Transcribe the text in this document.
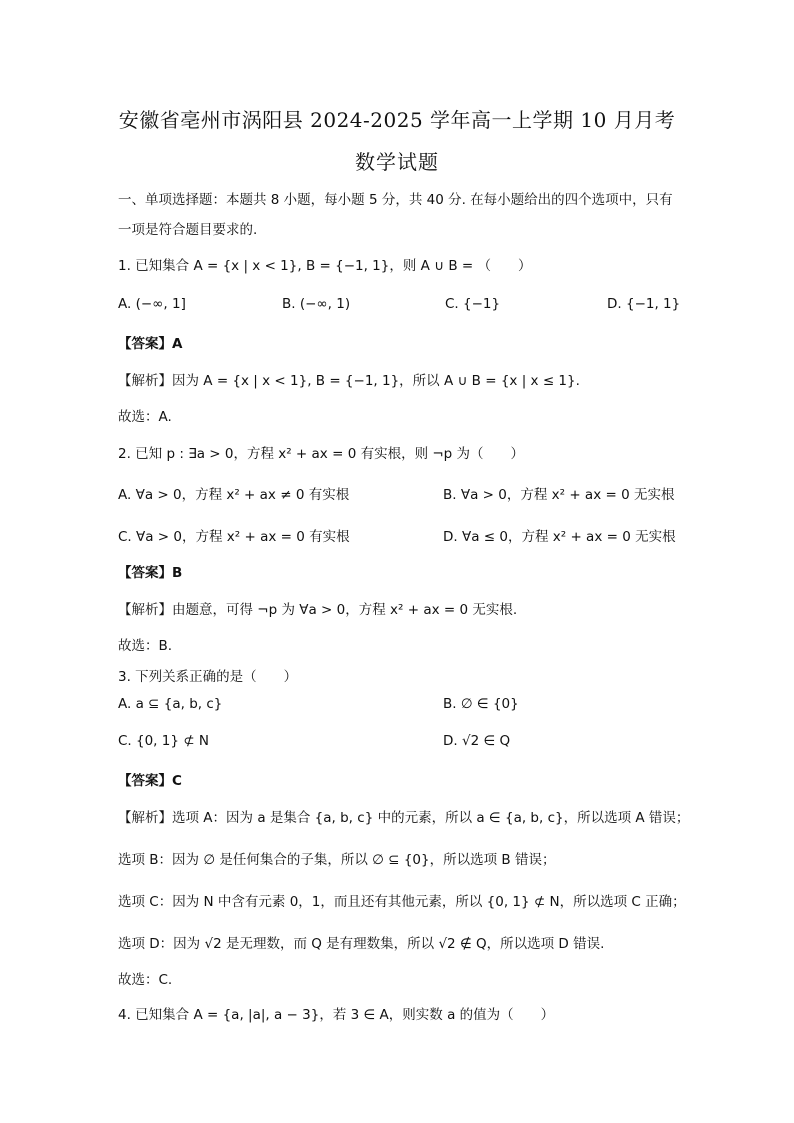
安徽省亳州市涡阳县 2024-2025 学年高一上学期 10 月月考
数学试题
一、单项选择题：本题共 8 小题，每小题 5 分，共 40 分. 在每小题给出的四个选项中，只有
一项是符合题目要求的.
1. 已知集合 A = {x | x < 1}, B = {−1, 1}，则 A ∪ B = （　　）
A. (−∞, 1]	B. (−∞, 1)	C. {−1}	D. {−1, 1}
【答案】A
【解析】因为 A = {x | x < 1}, B = {−1, 1}，所以 A ∪ B = {x | x ≤ 1}.
故选：A.
2. 已知 p : ∃a > 0，方程 x² + ax = 0 有实根，则 ¬p 为（　　）
A. ∀a > 0，方程 x² + ax ≠ 0 有实根	B. ∀a > 0，方程 x² + ax = 0 无实根
C. ∀a > 0，方程 x² + ax = 0 有实根	D. ∀a ≤ 0，方程 x² + ax = 0 无实根
【答案】B
【解析】由题意，可得 ¬p 为 ∀a > 0，方程 x² + ax = 0 无实根.
故选：B.
3. 下列关系正确的是（　　）
A. a ⊆ {a, b, c}	B. ∅ ∈ {0}
C. {0, 1} ⊄ N	D. √2 ∈ Q
【答案】C
【解析】选项 A：因为 a 是集合 {a, b, c} 中的元素，所以 a ∈ {a, b, c}，所以选项 A 错误；
选项 B：因为 ∅ 是任何集合的子集，所以 ∅ ⊆ {0}，所以选项 B 错误；
选项 C：因为 N 中含有元素 0，1，而且还有其他元素，所以 {0, 1} ⊄ N，所以选项 C 正确；
选项 D：因为 √2 是无理数，而 Q 是有理数集，所以 √2 ∉ Q，所以选项 D 错误.
故选：C.
4. 已知集合 A = {a, |a|, a − 3}，若 3 ∈ A，则实数 a 的值为（　　）
